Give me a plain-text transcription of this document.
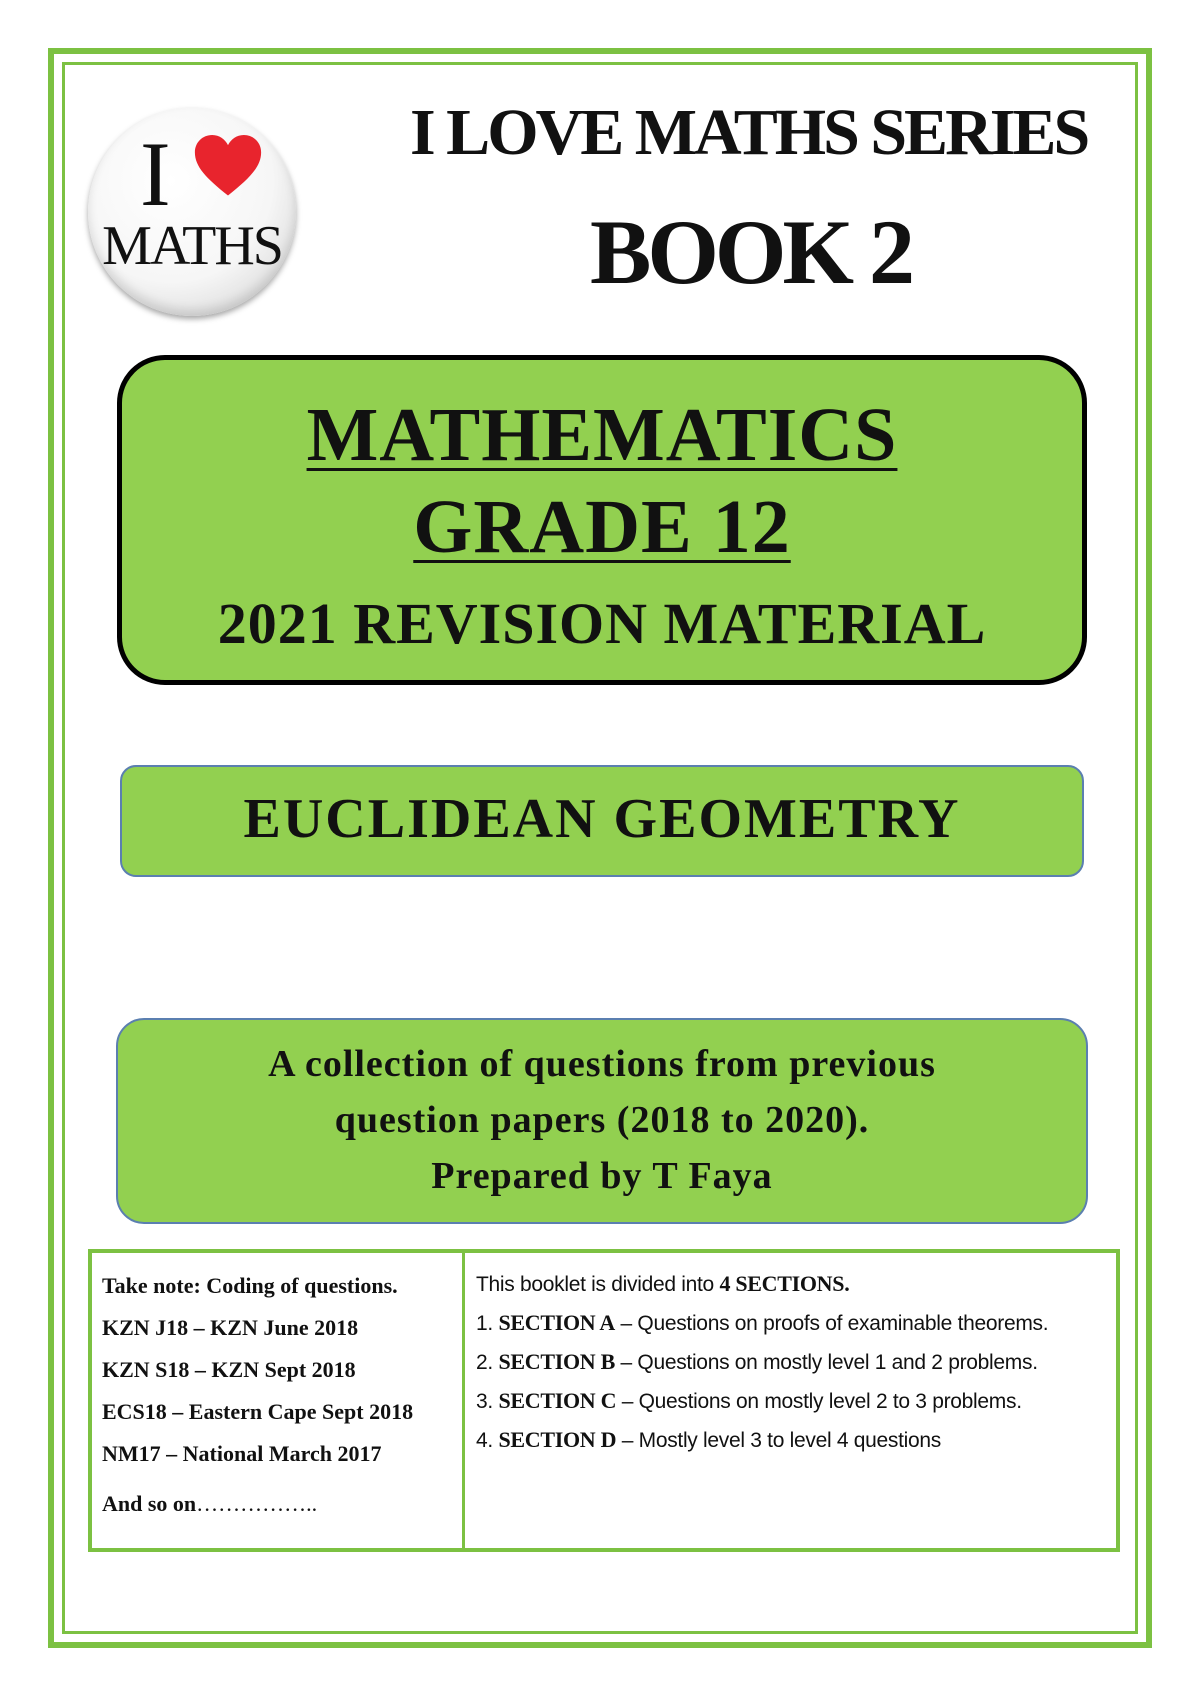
I
MATHS
I LOVE MATHS SERIES
BOOK 2
MATHEMATICS
GRADE 12
2021 REVISION MATERIAL
EUCLIDEAN GEOMETRY
A collection of questions from previous
question papers (2018 to 2020).
Prepared by T Faya
Take note: Coding of questions.
KZN J18 – KZN June 2018
KZN S18 – KZN Sept 2018
ECS18 – Eastern Cape Sept 2018
NM17 – National March 2017
And so on……………..
This booklet is divided into 4 SECTIONS.
1. SECTION A – Questions on proofs of examinable theorems.
2. SECTION B – Questions on mostly level 1 and 2 problems.
3. SECTION C – Questions on mostly level 2 to 3 problems.
4. SECTION D – Mostly level 3 to level 4 questions
